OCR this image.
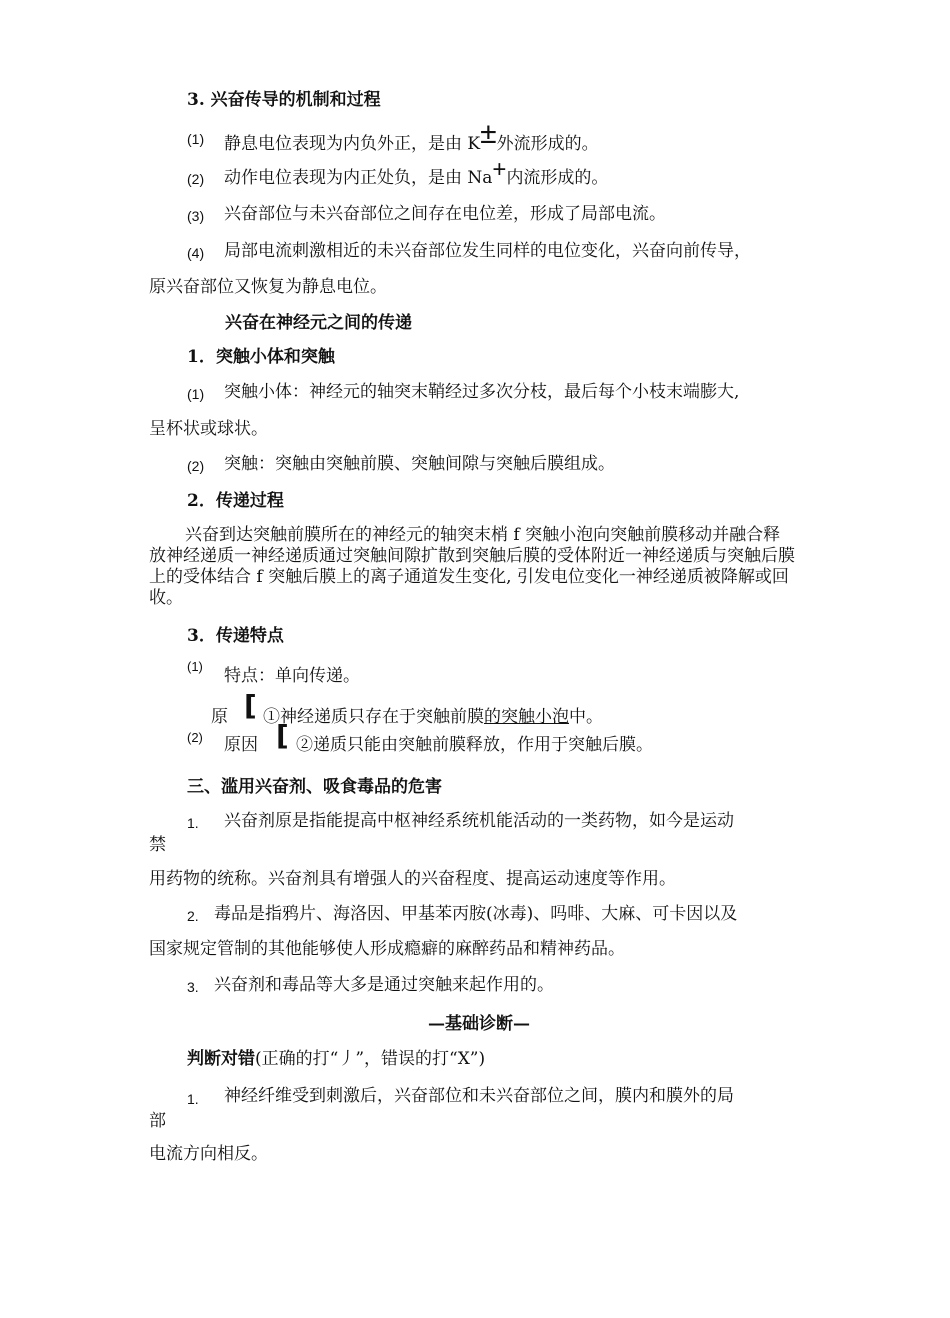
3. 兴奋传导的机制和过程
(1) 静息电位表现为内负外正，是由 K±外流形成的。
(2) 动作电位表现为内正处负，是由 Na+内流形成的。
(3) 兴奋部位与未兴奋部位之间存在电位差，形成了局部电流。
(4) 局部电流刺激相近的未兴奋部位发生同样的电位变化，兴奋向前传导，
原兴奋部位又恢复为静息电位。
兴奋在神经元之间的传递
1．突触小体和突触
(1) 突触小体：神经元的轴突末鞘经过多次分枝，最后每个小枝末端膨大,
呈杯状或球状。
(2) 突触：突触由突触前膜、突触间隙与突触后膜组成。
2．传递过程
兴奋到达突触前膜所在的神经元的轴突末梢 f 突触小泡向突触前膜移动并融合释放神经递质一神经递质通过突触间隙扩散到突触后膜的受体附近一神经递质与突触后膜上的受体结合 f 突触后膜上的离子通道发生变化, 引发电位变化一神经递质被降解或回收。
3．传递特点
(1) 特点：单向传递。
原 [ ①神经递质只存在于突触前膜的突触小泡中。
(2) 原因 [ ②递质只能由突触前膜释放，作用于突触后膜。
三、滥用兴奋剂、吸食毒品的危害
1. 兴奋剂原是指能提高中枢神经系统机能活动的一类药物，如今是运动
禁
用药物的统称。兴奋剂具有增强人的兴奋程度、提高运动速度等作用。
2. 毒品是指鸦片、海洛因、甲基苯丙胺(冰毒)、吗啡、大麻、可卡因以及
国家规定管制的其他能够使人形成瘾癖的麻醉药品和精神药品。
3. 兴奋剂和毒品等大多是通过突触来起作用的。
—基础诊断—
判断对错(正确的打“丿”，错误的打“X”)
1. 神经纤维受到刺激后，兴奋部位和未兴奋部位之间，膜内和膜外的局
部
电流方向相反。
